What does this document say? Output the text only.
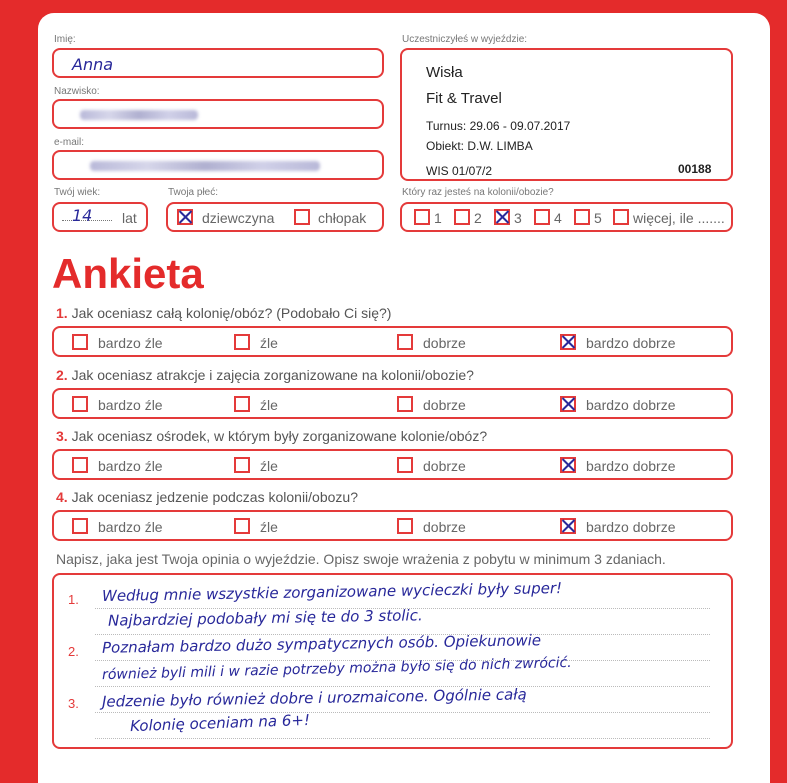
Imię:
Anna
Nazwisko:
e-mail:
Twój wiek:
14 lat
Twoja płeć:
dziewczyna	chłopak
Uczestniczyłeś w wyjeździe:
Wisła
Fit & Travel
Turnus: 29.06 - 09.07.2017
Obiekt: D.W. LIMBA
WIS 01/07/2	00188
Który raz jesteś na kolonii/obozie?
1 2 3 4 5 więcej, ile .......
Ankieta
1. Jak oceniasz całą kolonię/obóz? (Podobało Ci się?)
bardzo źle	źle	dobrze	bardzo dobrze
2. Jak oceniasz atrakcje i zajęcia zorganizowane na kolonii/obozie?
bardzo źle	źle	dobrze	bardzo dobrze
3. Jak oceniasz ośrodek, w którym były zorganizowane kolonie/obóz?
bardzo źle	źle	dobrze	bardzo dobrze
4. Jak oceniasz jedzenie podczas kolonii/obozu?
bardzo źle	źle	dobrze	bardzo dobrze
Napisz, jaka jest Twoja opinia o wyjeździe. Opisz swoje wrażenia z pobytu w minimum 3 zdaniach.
1.
2.
3.
Według mnie wszystkie zorganizowane wycieczki były super!
Najbardziej podobały mi się te do 3 stolic.
Poznałam bardzo dużo sympatycznych osób. Opiekunowie
również byli mili i w razie potrzeby można było się do nich zwrócić.
Jedzenie było również dobre i urozmaicone. Ogólnie całą
Kolonię oceniam na 6+!
